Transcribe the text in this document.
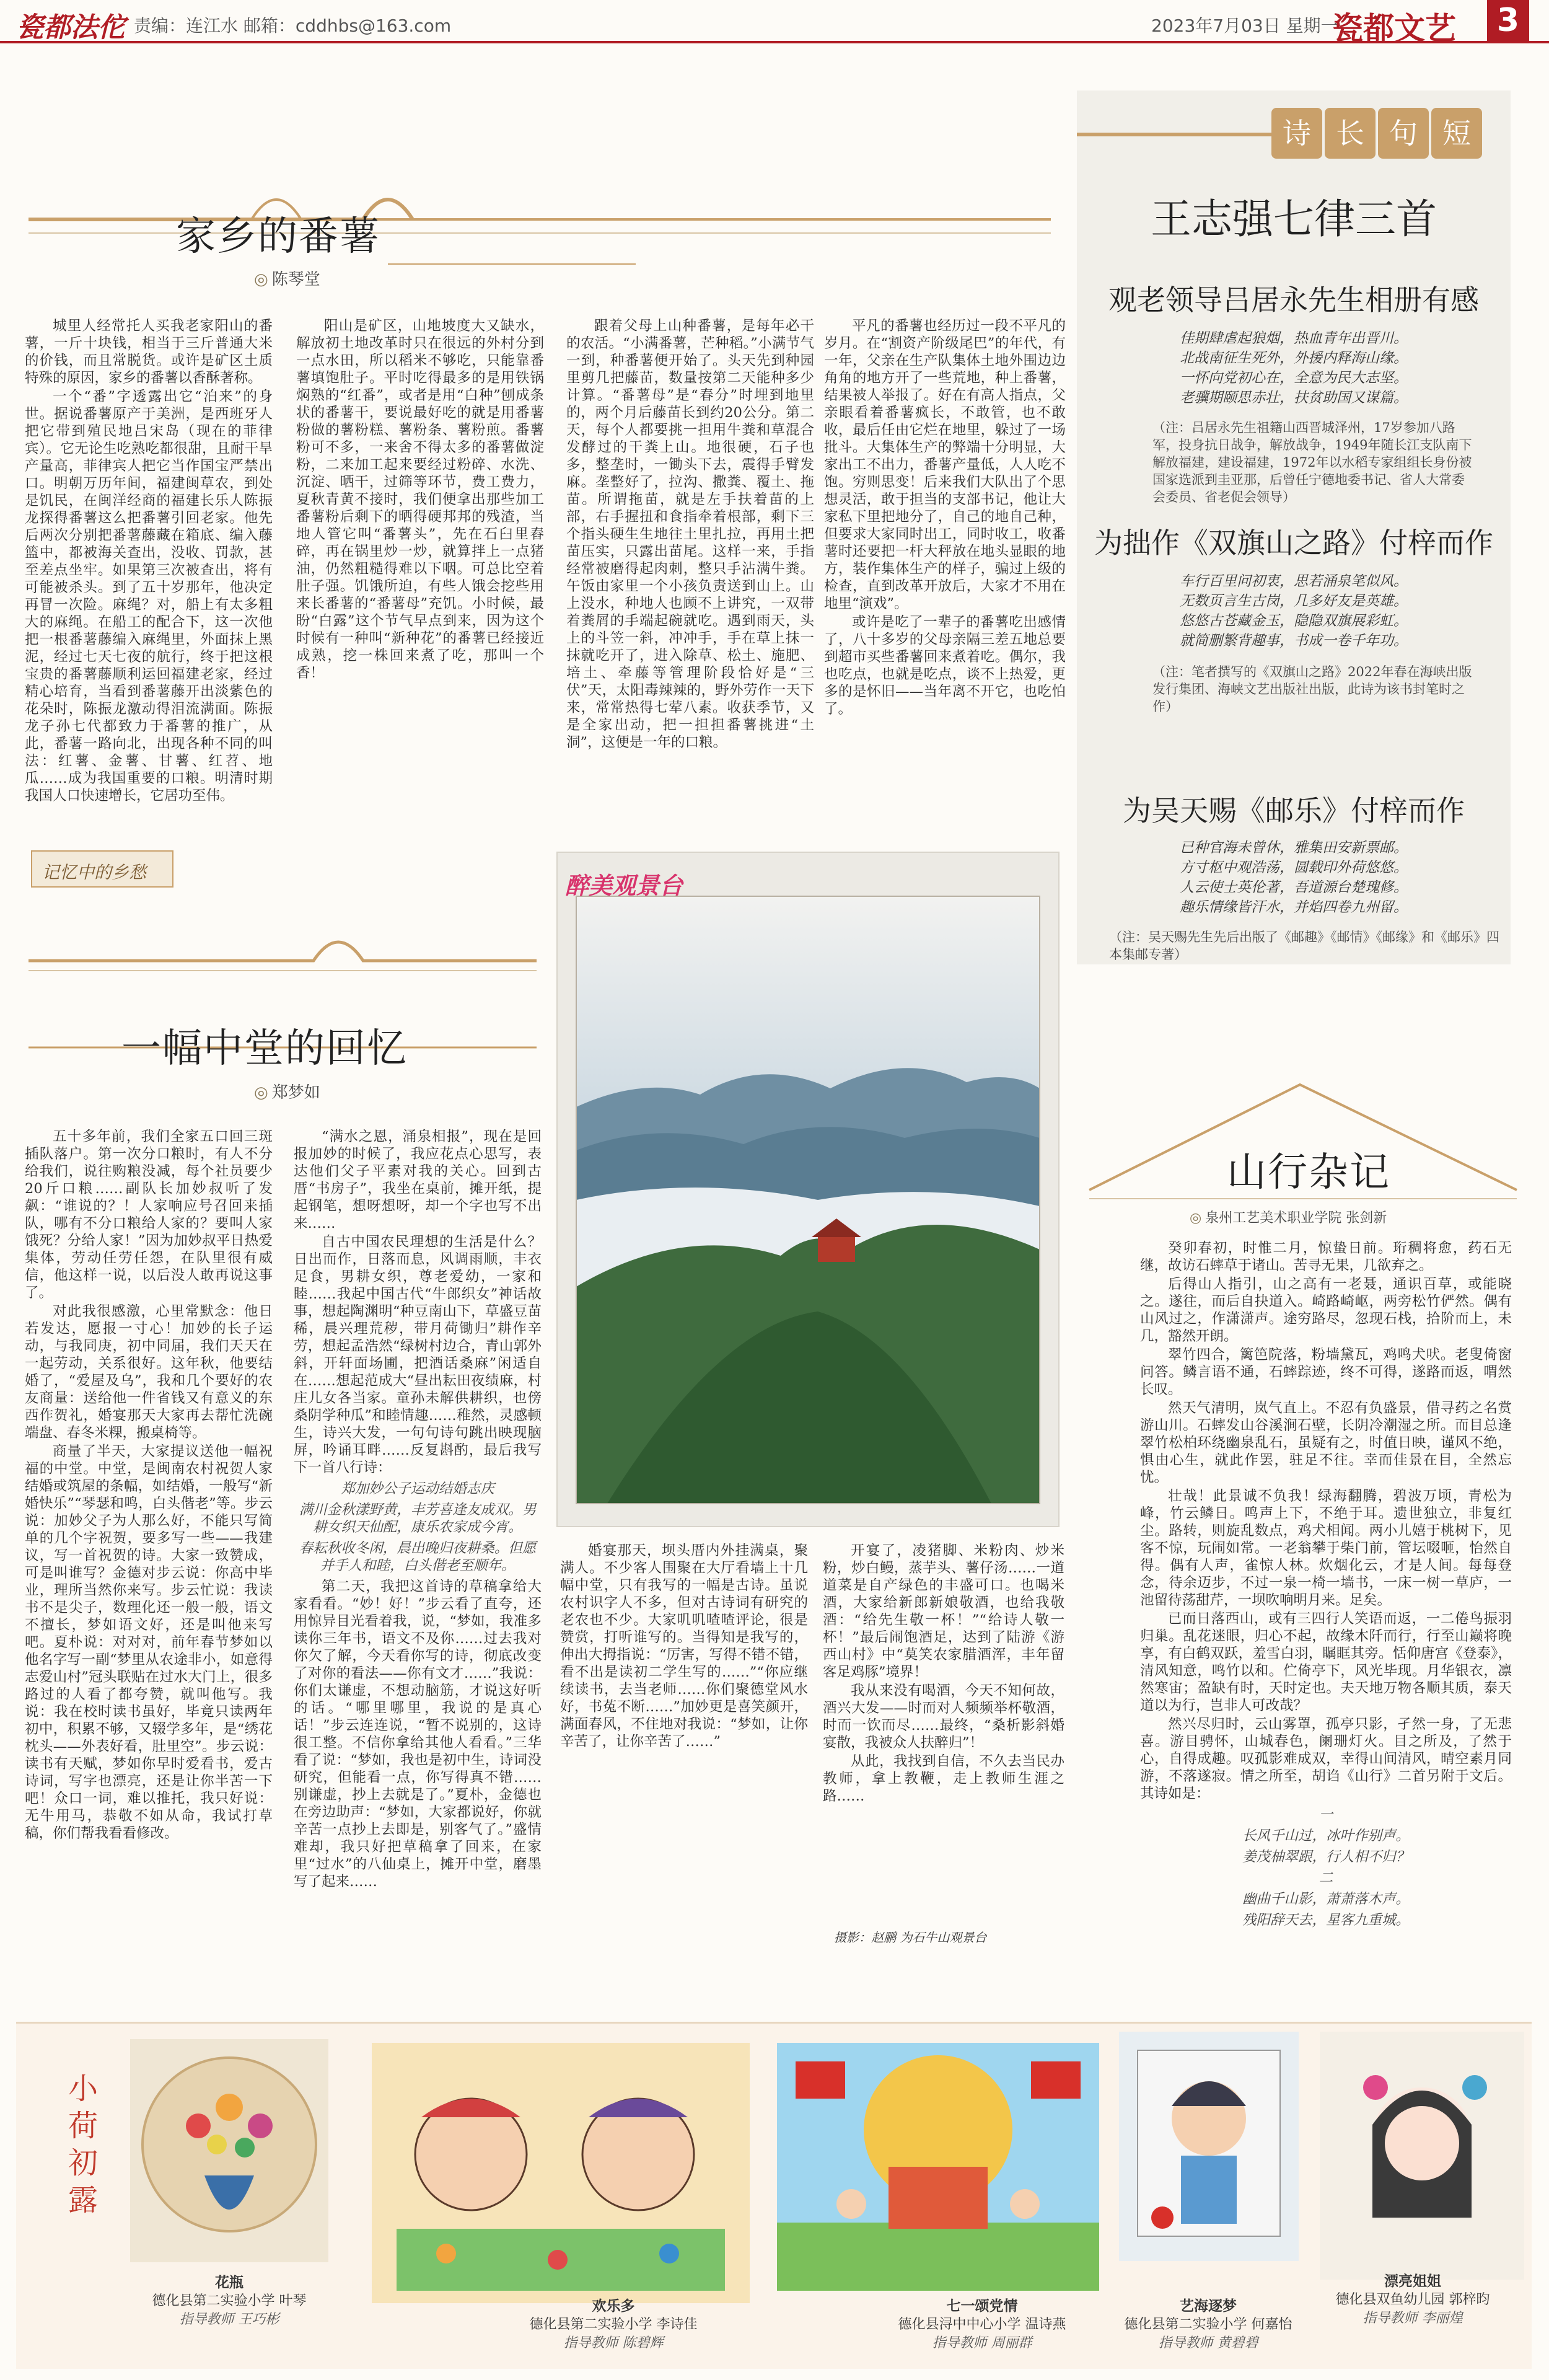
瓷都法佗 责编：连江水 邮箱：cddhbs@163.com	2023年7月03日 星期一
瓷都文艺	3
家乡的番薯
◎ 陈琴堂

城里人经常托人买我老家阳山的番薯，一斤十块钱，相当于三斤普通大米的价钱，而且常脱货。或许是矿区土质特殊的原因，家乡的番薯以香酥著称。

一个“番”字透露出它“泊来”的身世。据说番薯原产于美洲，是西班牙人把它带到殖民地吕宋岛（现在的菲律宾）。它无论生吃熟吃都很甜，且耐干旱产量高，菲律宾人把它当作国宝严禁出口。明朝万历年间，福建闽草农，到处是饥民，在闽洋经商的福建长乐人陈振龙探得番薯这么把番薯引回老家。他先后两次分别把番薯藤藏在箱底、编入藤篮中，都被海关查出，没收、罚款，甚至差点坐牢。如果第三次被查出，将有可能被杀头。到了五十岁那年，他决定再冒一次险。麻绳？对，船上有太多粗大的麻绳。在船工的配合下，这一次他把一根番薯藤编入麻绳里，外面抹上黑泥，经过七天七夜的航行，终于把这根宝贵的番薯藤顺利运回福建老家，经过精心培育，当看到番薯藤开出淡紫色的花朵时，陈振龙激动得泪流满面。陈振龙子孙七代都致力于番薯的推广，从此，番薯一路向北，出现各种不同的叫法：红薯、金薯、甘薯、红苕、地瓜……成为我国重要的口粮。明清时期我国人口快速增长，它居功至伟。

阳山是矿区，山地坡度大又缺水，解放初土地改革时只在很远的外村分到一点水田，所以稻米不够吃，只能靠番薯填饱肚子。平时吃得最多的是用铁锅焖熟的“红番”，或者是用“白种”刨成条状的番薯干，要说最好吃的就是用番薯粉做的薯粉糕、薯粉条、薯粉煎。番薯粉可不多，一来舍不得太多的番薯做淀粉，二来加工起来要经过粉碎、水洗、沉淀、晒干，过筛等环节，费工费力，夏秋青黄不接时，我们便拿出那些加工番薯粉后剩下的晒得硬邦邦的残渣，当地人管它叫“番薯头”，先在石臼里舂碎，再在锅里炒一炒，就算拌上一点猪油，仍然粗糙得难以下咽。可总比空着肚子强。饥饿所迫，有些人饿会挖些用来长番薯的“番薯母”充饥。小时候，最盼“白露”这个节气早点到来，因为这个时候有一种叫“新种花”的番薯已经接近成熟，挖一株回来煮了吃，那叫一个香！

跟着父母上山种番薯，是每年必干的农活。“小满番薯，芒种稻。”小满节气一到，种番薯便开始了。头天先到种园里剪几把藤苗，数量按第二天能种多少计算。“番薯母”是“春分”时埋到地里的，两个月后藤苗长到约20公分。第二天，每个人都要挑一担用牛粪和草混合发酵过的干粪上山。地很硬，石子也多，整垄时，一锄头下去，震得手臂发麻。垄整好了，拉沟、撒粪、覆土、拖苗。所谓拖苗，就是左手扶着苗的上部，右手握扭和食指牵着根部，剩下三个指头硬生生地往土里扎拉，再用土把苗压实，只露出苗尾。这样一来，手指经常被磨得起肉刺，整只手沾满牛粪。午饭由家里一个小孩负责送到山上。山上没水，种地人也顾不上讲究，一双带着粪屑的手端起碗就吃。遇到雨天，头上的斗笠一斜，冲冲手，手在草上抹一抹就吃开了，进入除草、松土、施肥、培土、牵藤等管理阶段恰好是“三伏”天，太阳毒辣辣的，野外劳作一天下来，常常热得七荤八素。收获季节，又是全家出动，把一担担番薯挑进“土洞”，这便是一年的口粮。

平凡的番薯也经历过一段不平凡的岁月。在“割资产阶级尾巴”的年代，有一年，父亲在生产队集体土地外围边边角角的地方开了一些荒地，种上番薯，结果被人举报了。好在有高人指点，父亲眼看着番薯疯长，不敢管，也不敢收，最后任由它烂在地里，躲过了一场批斗。大集体生产的弊端十分明显，大家出工不出力，番薯产量低，人人吃不饱。穷则思变！后来我们大队出了个思想灵活，敢于担当的支部书记，他让大家私下里把地分了，自己的地自己种，但要求大家同时出工，同时收工，收番薯时还要把一杆大秤放在地头显眼的地方，装作集体生产的样子，骗过上级的检查，直到改革开放后，大家才不用在地里“演戏”。

或许是吃了一辈子的番薯吃出感情了，八十多岁的父母亲隔三差五地总要到超市买些番薯回来煮着吃。偶尔，我也吃点，也就是吃点，谈不上热爱，更多的是怀旧——当年离不开它，也吃怕了。

记忆中的乡愁
一幅中堂的回忆
◎ 郑梦如

五十多年前，我们全家五口回三斑插队落户。第一次分口粮时，有人不分给我们，说往购粮没减，每个社员要少20斤口粮……副队长加妙叔听了发飙：“谁说的？！人家响应号召回来插队，哪有不分口粮给人家的？要叫人家饿死？分给人家！”因为加妙叔平日热爱集体，劳动任劳任怨，在队里很有威信，他这样一说，以后没人敢再说这事了。

对此我很感激，心里常默念：他日若发达，愿报一寸心！加妙的长子运动，与我同庚，初中同届，我们天天在一起劳动，关系很好。这年秋，他要结婚了，“爱屋及乌”，我和几个要好的农友商量：送给他一件省钱又有意义的东西作贺礼，婚宴那天大家再去帮忙洗碗端盘、春冬米粿，搬桌椅等。

商量了半天，大家提议送他一幅祝福的中堂。中堂，是闽南农村祝贺人家结婚或筑屋的条幅，如结婚，一般写“新婚快乐”“琴瑟和鸣，白头偕老”等。步云说：加妙父子为人那么好，不能只写简单的几个字祝贺，要多写一些——我建议，写一首祝贺的诗。大家一致赞成，可是叫谁写？金德对步云说：你高中毕业，理所当然你来写。步云忙说：我读书不是尖子，数理化还一般一般，语文不擅长，梦如语文好，还是叫他来写吧。夏朴说：对对对，前年春节梦如以他名字写一副“梦里从农途非小，如意得志爱山村”冠头联贴在过水大门上，很多路过的人看了都夸赞，就叫他写。我说：我在校时读书虽好，毕竟只读两年初中，积累不够，又辍学多年，是“绣花枕头——外表好看，肚里空”。步云说：读书有天赋，梦如你早时爱看书，爱古诗词，写字也漂亮，还是让你半苦一下吧！众口一词，难以推托，我只好说：无牛用马，恭敬不如从命，我试打草稿，你们帮我看看修改。

“满水之恩，涌泉相报”，现在是回报加妙的时候了，我应花点心思写，表达他们父子平素对我的关心。回到古厝“书房子”，我坐在桌前，摊开纸，提起钢笔，想呀想呀，却一个字也写不出来……

自古中国农民理想的生活是什么？日出而作，日落而息，风调雨顺，丰衣足食，男耕女织，尊老爱幼，一家和睦……我起中国古代“牛郎织女”神话故事，想起陶渊明“种豆南山下，草盛豆苗稀，晨兴理荒秽，带月荷锄归”耕作辛劳，想起孟浩然“绿树村边合，青山郭外斜，开轩面场圃，把酒话桑麻”闲适自在……想起范成大“昼出耘田夜绩麻，村庄儿女各当家。童孙未解供耕织，也傍桑阴学种瓜”和睦情趣……稚然，灵感顿生，诗兴大发，一句句诗句跳出映现脑屏，吟诵耳畔……反复斟酌，最后我写下一首八行诗：

郑加妙公子运动结婚志庆

满川金秋漾野黄，丰芳喜逢友成双。男耕女织天仙配，康乐农家成今宵。

春耘秋收冬闲，晨出晚归夜耕桑。但愿并手人和睦，白头偕老至顺年。

第二天，我把这首诗的草稿拿给大家看看。“妙！好！”步云看了直夸，还用惊异目光看着我，说，“梦如，我准多读你三年书，语文不及你……过去我对你欠了解，今天看你写的诗，彻底改变了对你的看法——你有文才……”我说：你们太谦虚，不想动脑筋，才说这好听的话。“哪里哪里，我说的是真心话！”步云连连说，“暂不说别的，这诗很工整。不信你拿给其他人看看。”三华看了说：“梦如，我也是初中生，诗词没研究，但能看一点，你写得真不错……别谦虚，抄上去就是了。”夏朴，金德也在旁边助声：“梦如，大家都说好，你就辛苦一点抄上去即是，别客气了。”盛情难却，我只好把草稿拿了回来，在家里“过水”的八仙桌上，摊开中堂，磨墨写了起来……

婚宴那天，坝头厝内外挂满桌，聚满人。不少客人围聚在大厅看墙上十几幅中堂，只有我写的一幅是古诗。虽说农村识字人不多，但对古诗词有研究的老农也不少。大家叽叽喳喳评论，很是赞赏，打听谁写的。当得知是我写的，伸出大拇指说：“厉害，写得不错不错，看不出是读初二学生写的……”“你应继续读书，去当老师……你们聚德堂风水好，书菟不断……”加妙更是喜笑颜开，满面春风，不住地对我说：“梦如，让你辛苦了，让你辛苦了……”

开宴了，凌猪脚、米粉肉、炒米粉，炒白鳗，蒸芋头、薯仔汤……一道道菜是自产绿色的丰盛可口。也喝米酒，大家给新郎新娘敬酒，也给我敬酒：“给先生敬一杯！”“给诗人敬一杯！”最后闹饱酒足，达到了陆游《游西山村》中“莫笑农家腊酒浑，丰年留客足鸡豚”境界！

我从来没有喝酒，今天不知何故，酒兴大发——时而对人频频举杯敬酒，时而一饮而尽……最终，“桑析影斜婚宴散，我被众人扶醉归”！

从此，我找到自信，不久去当民办教师，拿上教鞭，走上教师生涯之路……

醉美观景台
摄影：赵鹏 为石牛山观景台
诗 长 句 短
王志强七律三首
观老领导吕居永先生相册有感
佳期肆虐起狼烟，热血青年出晋川。
北战南征生死外，外援内释海山缘。
一怀向党初心在，全意为民大志坚。
老骥期颐思赤壮，扶贫助国又谋篇。
（注：吕居永先生祖籍山西晋城泽州，17岁参加八路军，投身抗日战争，解放战争，1949年随长江支队南下解放福建，建设福建，1972年以水稻专家组组长身份被国家选派到圭亚那，后曾任宁德地委书记、省人大常委会委员、省老促会领导）
为拙作《双旗山之路》付梓而作
车行百里问初衷，思若涌泉笔似风。
无数页言生古岗，几多好友是英雄。
悠悠古苍藏金玉，隐隐双旗展彩虹。
就简删繁背趣事，书成一卷千年功。
（注：笔者撰写的《双旗山之路》2022年春在海峡出版发行集团、海峡文艺出版社出版，此诗为该书封笔时之作）
为吴天赐《邮乐》付梓而作
已种官海未曾休，雅集田安新票邮。
方寸枢中观浩荡，圆载印外荷悠悠。
人云使士英伦著，吾道源台楚瑰修。
趣乐情缘皆汗水，并焰四卷九州留。
（注：吴天赐先生先后出版了《邮趣》《邮情》《邮缘》和《邮乐》四本集邮专著）
山行杂记
◎ 泉州工艺美术职业学院 张剑新

癸卯春初，时惟二月，惊蛰日前。珩稠将愈，药石无继，故访石蟀草于诸山。苦寻无果，几欲弃之。

后得山人指引，山之高有一老聂，通识百草，或能晓之。遂往，而后自抉道入。崎路崎岖，两旁松竹俨然。偶有山风过之，作潇潇声。途穷路尽，忽现石栈，拾阶而上，未几，豁然开朗。

翠竹四合，篱笆院落，粉墙黛瓦，鸡鸣犬吠。老叟倚窗问答。鳞言语不通，石蟀踪迹，终不可得，遂路而返，喟然长叹。

然天气清明，岚气直上。不忍有负盛景，借寻药之名赏游山川。石蟀发山谷溪涧石壁，长阴冷潮湿之所。而目总逢翠竹松柏环绕幽泉乱石，虽疑有之，时值日映，谨风不绝，惧由心生，就此作罢，驻足不往。幸而佳景在目，全然忘忧。

壮哉！此景诚不负我！绿海翻腾，碧波万顷，青松为峰，竹云鳞日。鸣声上下，不绝于耳。遗世独立，非复红尘。路转，则旋乱数点，鸡犬相闻。两小儿嬉于桃树下，见客不惊，玩闹如常。一老翁攀于柴门前，管坛啜咂，怡然自得。偶有人声，雀惊人林。炊烟化云，才是人间。每每登念，待余迈步，不过一泉一椅一墙书，一床一树一草庐，一池留待荡甜芹，一坝吹响明月来。足矣。

已而日落西山，或有三四行人笑语而返，一二倦鸟振羽归巢。乱花迷眼，归心不起，故缘木阡而行，行至山巅将晚享，有白鹤双跃，羞雪白羽，瞩眶其旁。恬仰唐宫《登泰》，清风知意，鸣竹以和。伫倚亭下，风光毕现。月华银衣，凛然寒宙；盈缺有时，天时定也。夫天地万物各顺其质，泰天道以为行，岂非人可改哉？

然兴尽归时，云山雾罩，孤亭只影，孑然一身，了无悲喜。游目骋怀，山城春色，阑珊灯火。目之所及，了然于心，自得成趣。叹孤影难成双，幸得山间清风，晴空素月同游，不落遂寂。情之所至，胡诌《山行》二首另附于文后。其诗如是：

一

长风千山过，冰叶作别声。

姜茂柚翠跟，行人相不归？

二

幽曲千山影，萧萧落木声。

残阳辞天去，星客九重城。

小荷初露
花瓶
德化县第二实验小学 叶琴
指导教师 王巧彬
欢乐多
德化县第二实验小学 李诗佳
指导教师 陈碧辉
七一颂党情
德化县浔中中心小学 温诗燕
指导教师 周丽群
艺海逐梦
德化县第二实验小学 何嘉怡
指导教师 黄碧碧
漂亮姐姐
德化县双鱼幼儿园 郭梓昀
指导教师 李丽煌
